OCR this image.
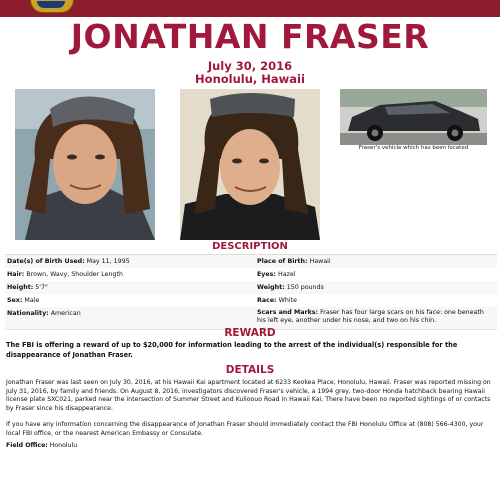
JONATHAN FRASER
July 30, 2016
Honolulu, Hawaii
Fraser's vehicle which has been located
DESCRIPTION
Date(s) of Birth Used: May 11, 1995	Place of Birth: Hawaii
Hair: Brown, Wavy, Shoulder Length	Eyes: Hazel
Height: 5'7"	Weight: 150 pounds
Sex: Male	Race: White
Nationality: American	Scars and Marks: Fraser has four large scars on his face: one beneath his left eye, another under his nose, and two on his chin.
REWARD
The FBI is offering a reward of up to $20,000 for information leading to the arrest of the individual(s) responsible for the disappearance of Jonathan Fraser.
DETAILS
Jonathan Fraser was last seen on July 30, 2016, at his Hawaii Kai apartment located at 6233 Keokea Place, Honolulu, Hawaii. Fraser was reported missing on July 31, 2016, by family and friends. On August 8, 2016, investigators discovered Fraser's vehicle, a 1994 grey, two-door Honda hatchback bearing Hawaii license plate SXC021, parked near the intersection of Summer Street and Kulioouo Road in Hawaii Kai. There have been no reported sightings of or contacts by Fraser since his disappearance.
If you have any information concerning the disappearance of Jonathan Fraser should immediately contact the FBI Honolulu Office at (808) 566-4300, your local FBI office, or the nearest American Embassy or Consulate.
Field Office: Honolulu
